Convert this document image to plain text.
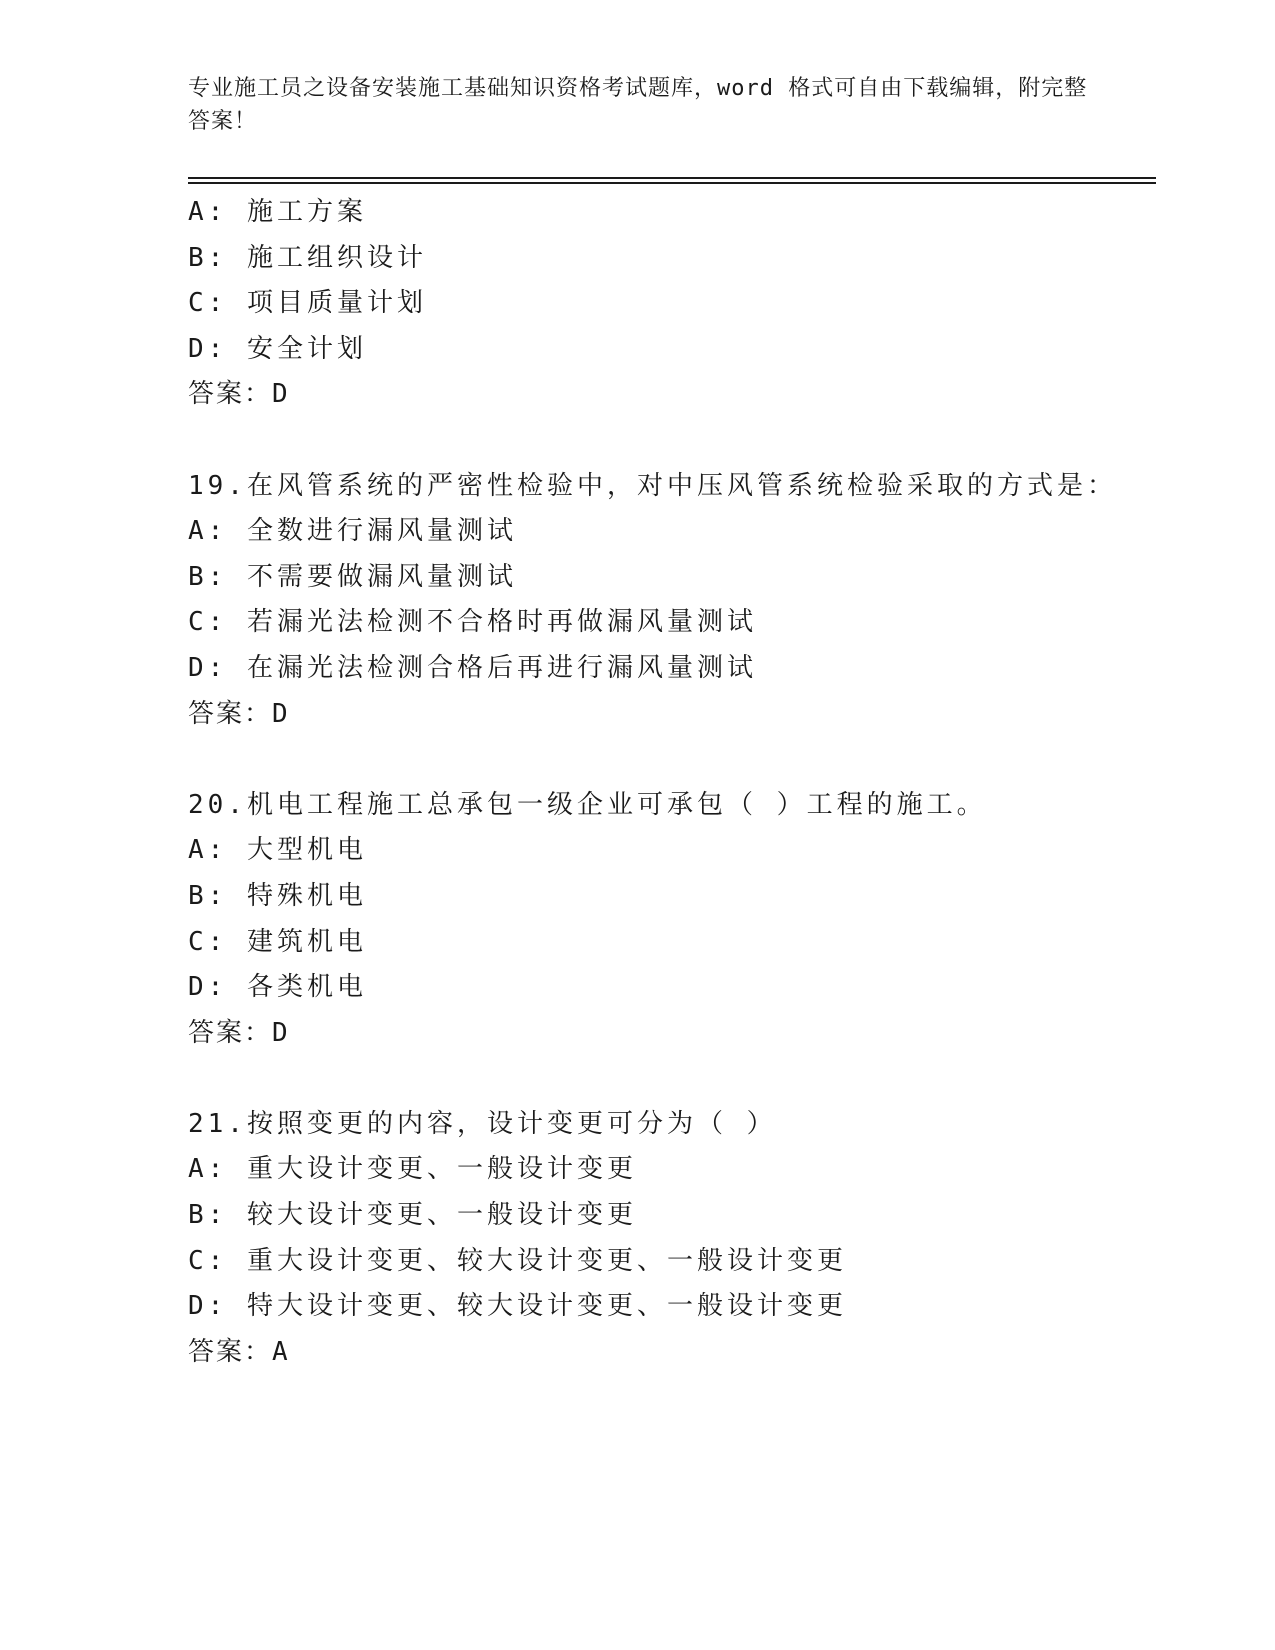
专业施工员之设备安装施工基础知识资格考试题库，word 格式可自由下载编辑，附完整答案！
A: 施工方案
B: 施工组织设计
C: 项目质量计划
D: 安全计划
答案：D
19.在风管系统的严密性检验中，对中压风管系统检验采取的方式是：
A: 全数进行漏风量测试
B: 不需要做漏风量测试
C: 若漏光法检测不合格时再做漏风量测试
D: 在漏光法检测合格后再进行漏风量测试
答案：D
20.机电工程施工总承包一级企业可承包（ ）工程的施工。
A: 大型机电
B: 特殊机电
C: 建筑机电
D: 各类机电
答案：D
21.按照变更的内容，设计变更可分为（ ）
A: 重大设计变更、一般设计变更
B: 较大设计变更、一般设计变更
C: 重大设计变更、较大设计变更、一般设计变更
D: 特大设计变更、较大设计变更、一般设计变更
答案：A
